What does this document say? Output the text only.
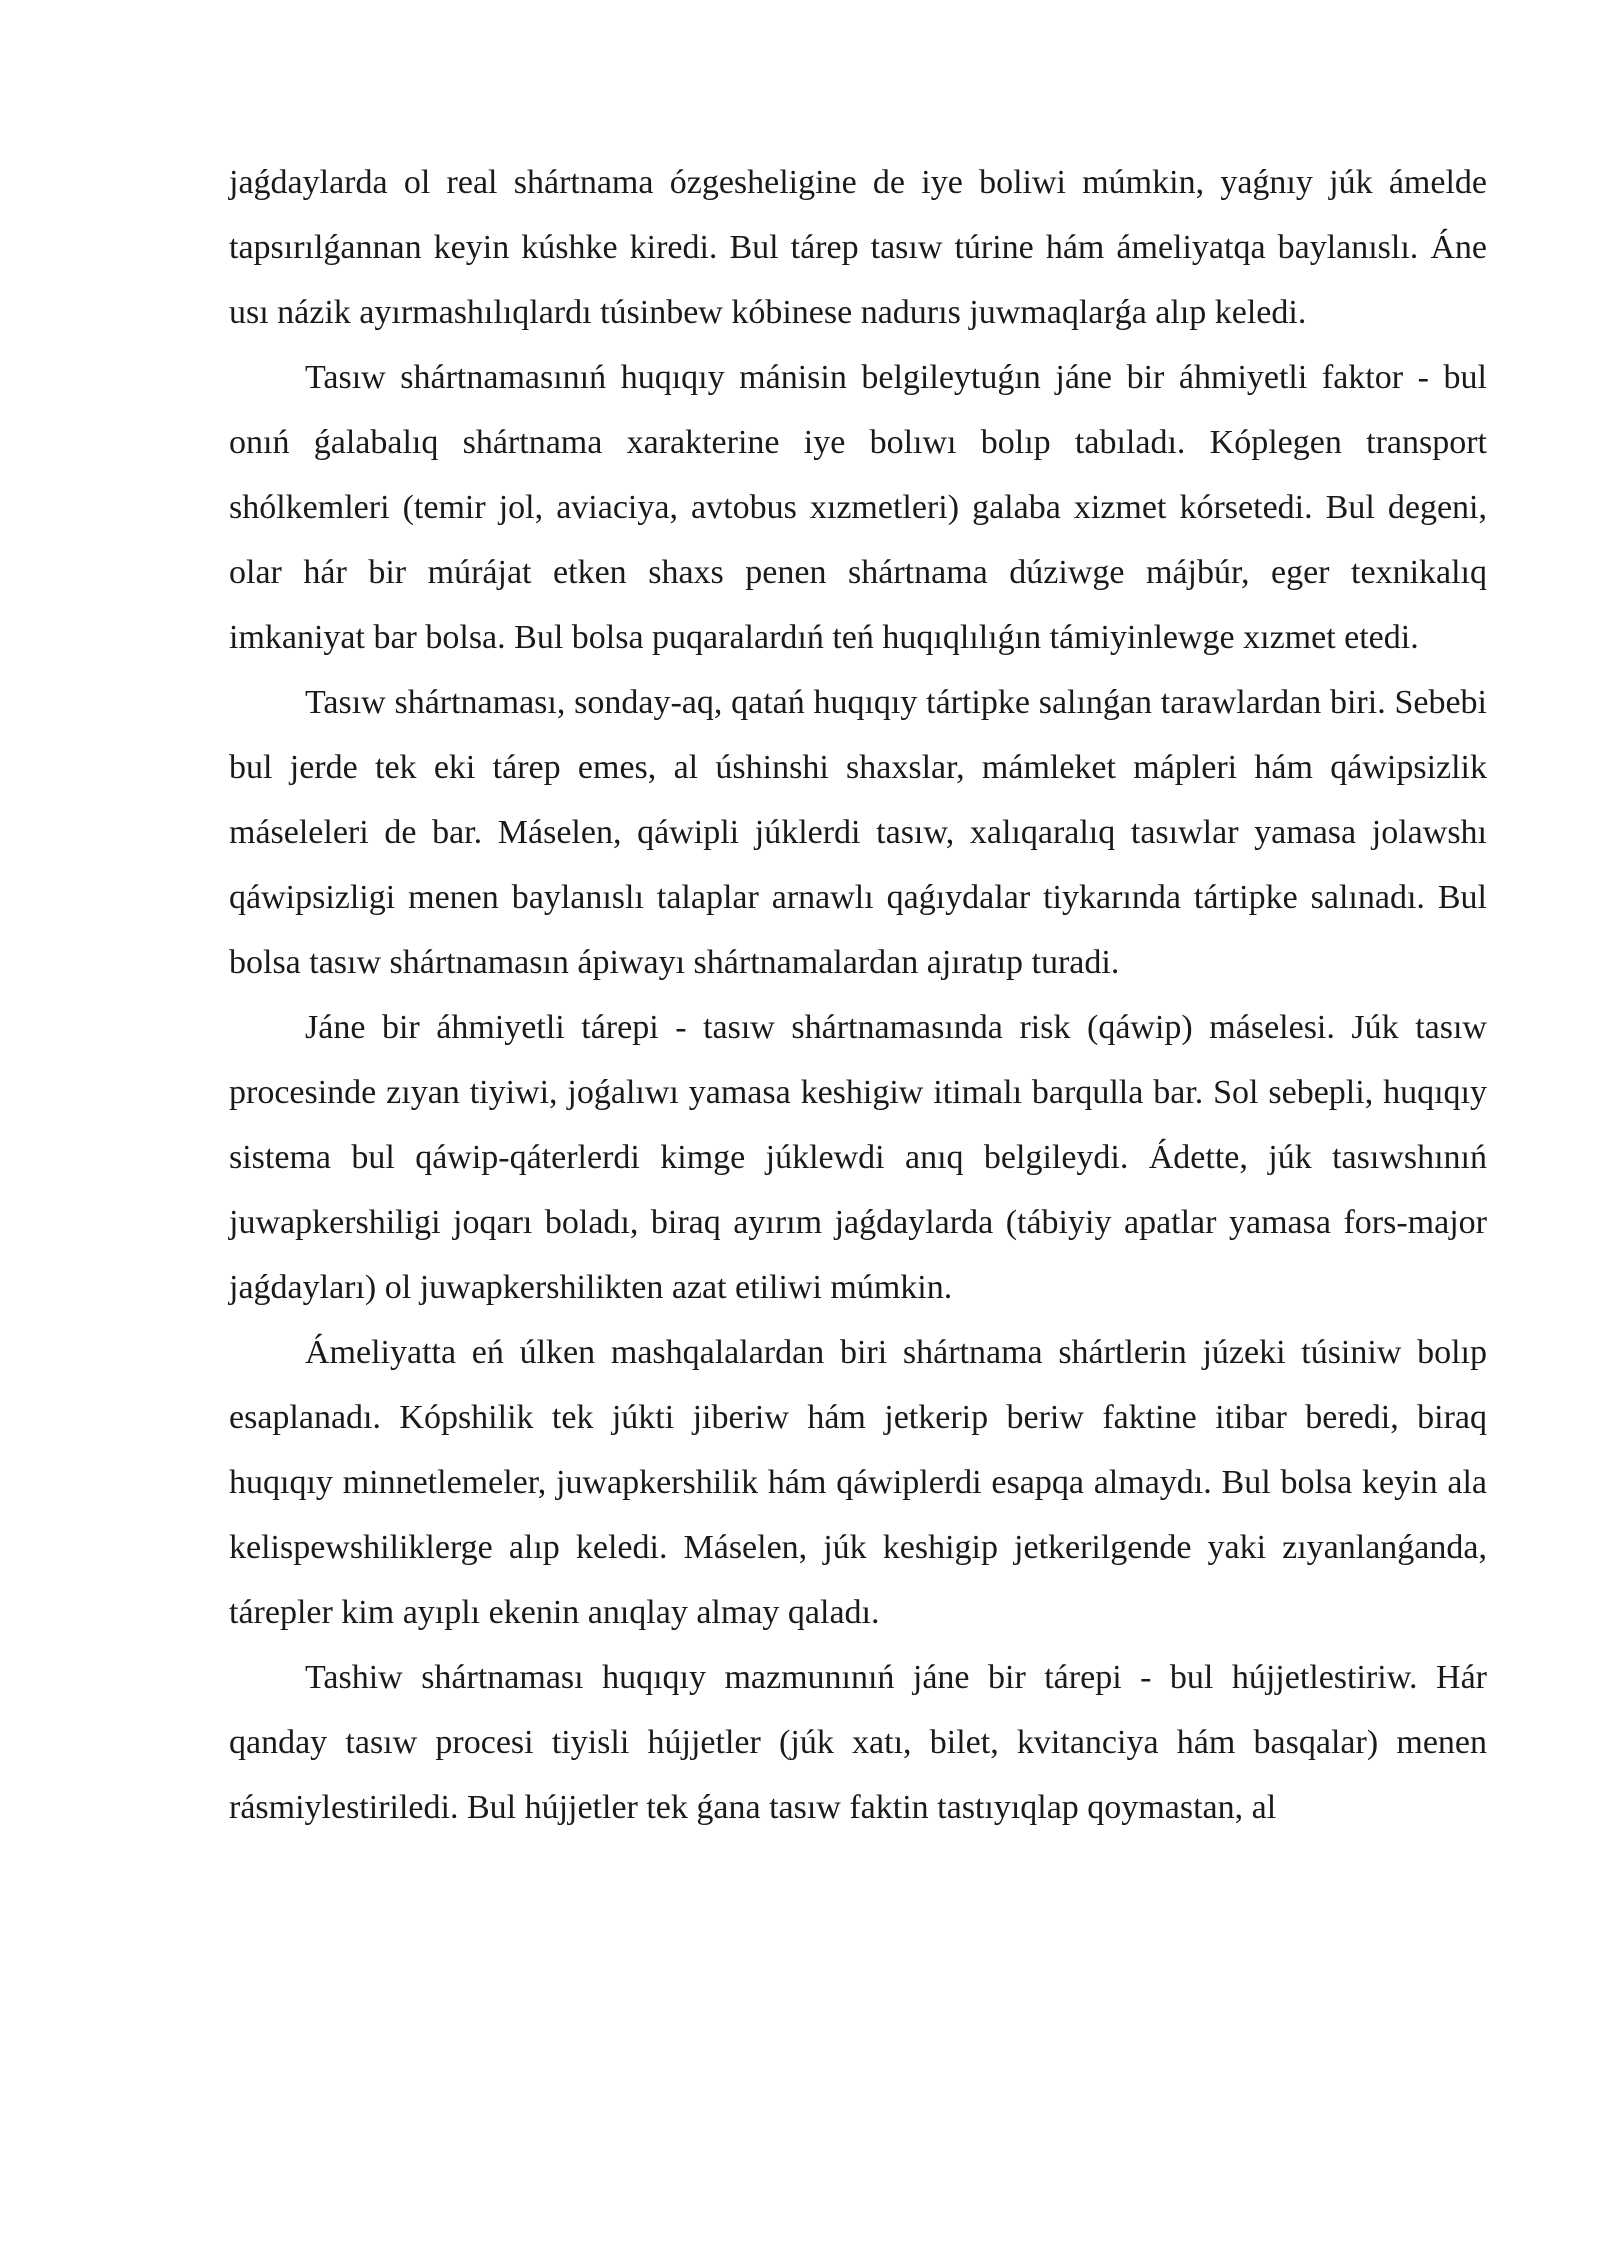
jaǵdaylarda ol real shártnama ózgesheligine de iye boliwi múmkin, yaǵnıy júk ámelde tapsırılǵannan keyin kúshke kiredi. Bul tárep tasıw túrine hám ámeliyatqa baylanıslı. Áne usı názik ayırmashılıqlardı túsinbew kóbinese nadurıs juwmaqlarǵa alıp keledi.

Tasıw shártnamasınıń huqıqıy mánisin belgileytuǵın jáne bir áhmiyetli faktor - bul onıń ǵalabalıq shártnama xarakterine iye bolıwı bolıp tabıladı. Kóplegen transport shólkemleri (temir jol, aviaciya, avtobus xızmetleri) galaba xizmet kórsetedi. Bul degeni, olar hár bir múrájat etken shaxs penen shártnama dúziwge májbúr, eger texnikalıq imkaniyat bar bolsa. Bul bolsa puqaralardıń teń huqıqlılıǵın támiyinlewge xızmet etedi.

Tasıw shártnaması, sonday-aq, qatań huqıqıy tártipke salınǵan tarawlardan biri. Sebebi bul jerde tek eki tárep emes, al úshinshi shaxslar, mámleket mápleri hám qáwipsizlik máseleleri de bar. Máselen, qáwipli júklerdi tasıw, xalıqaralıq tasıwlar yamasa jolawshı qáwipsizligi menen baylanıslı talaplar arnawlı qaǵıydalar tiykarında tártipke salınadı. Bul bolsa tasıw shártnamasın ápiwayı shártnamalardan ajıratıp turadi.

Jáne bir áhmiyetli tárepi - tasıw shártnamasında risk (qáwip) máselesi. Júk tasıw procesinde zıyan tiyiwi, joǵalıwı yamasa keshigiw itimalı barqulla bar. Sol sebepli, huqıqıy sistema bul qáwip-qáterlerdi kimge júklewdi anıq belgileydi. Ádette, júk tasıwshınıń juwapkershiligi joqarı boladı, biraq ayırım jaǵdaylarda (tábiyiy apatlar yamasa fors-major jaǵdayları) ol juwapkershilikten azat etiliwi múmkin.

Ámeliyatta eń úlken mashqalalardan biri shártnama shártlerin júzeki túsiniw bolıp esaplanadı. Kópshilik tek júkti jiberiw hám jetkerip beriw faktine itibar beredi, biraq huqıqıy minnetlemeler, juwapkershilik hám qáwiplerdi esapqa almaydı. Bul bolsa keyin ala kelispewshiliklerge alıp keledi. Máselen, júk keshigip jetkerilgende yaki zıyanlanǵanda, tárepler kim ayıplı ekenin anıqlay almay qaladı.

Tashiw shártnaması huqıqıy mazmunınıń jáne bir tárepi - bul hújjetlestiriw. Hár qanday tasıw procesi tiyisli hújjetler (júk xatı, bilet, kvitanciya hám basqalar) menen rásmiylestiriledi. Bul hújjetler tek ǵana tasıw faktin tastıyıqlap qoymastan, al
